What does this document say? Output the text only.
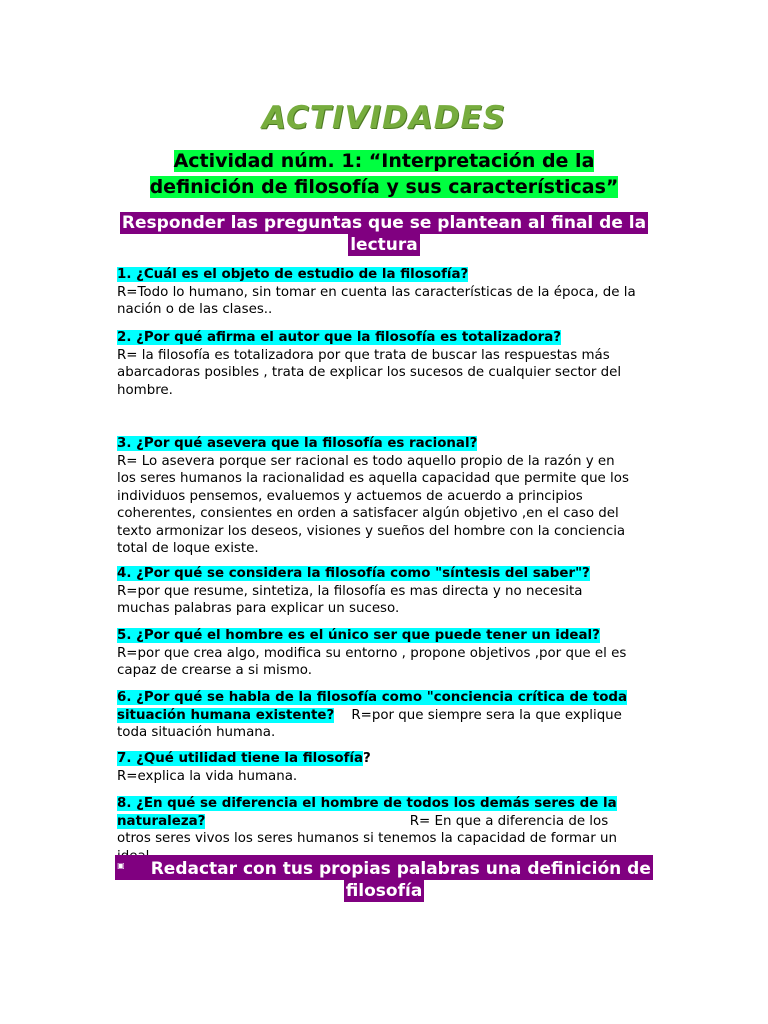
ACTIVIDADES
Actividad núm. 1: “Interpretación de la
definición de filosofía y sus características”
Responder las preguntas que se plantean al final de la
lectura
1. ¿Cuál es el objeto de estudio de la filosofía?
R=Todo lo humano, sin tomar en cuenta las características de la época, de la nación o de las clases..
2. ¿Por qué afirma el autor que la filosofía es totalizadora?
R= la filosofía es totalizadora por que trata de buscar las respuestas más abarcadoras posibles , trata de explicar los sucesos de cualquier sector del hombre.
3. ¿Por qué asevera que la filosofía es racional?
R= Lo asevera porque ser racional es todo aquello propio de la razón y en los seres humanos la racionalidad es aquella capacidad que permite que los individuos pensemos, evaluemos y actuemos de acuerdo a principios coherentes, consientes en orden a satisfacer algún objetivo ,en el caso del texto armonizar los deseos, visiones y sueños del hombre con la conciencia total de loque existe.
4. ¿Por qué se considera la filosofía como "síntesis del saber"?
R=por que resume, sintetiza, la filosofía es mas directa y no necesita muchas palabras para explicar un suceso.
5. ¿Por qué el hombre es el único ser que puede tener un ideal?
R=por que crea algo, modifica su entorno , propone objetivos ,por que el es capaz de crearse a si mismo.
6. ¿Por qué se habla de la filosofía como "conciencia crítica de toda situación humana existente? R=por que siempre sera la que explique toda situación humana.
7. ¿Qué utilidad tiene la filosofía?
R=explica la vida humana.
8. ¿En qué se diferencia el hombre de todos los demás seres de la naturaleza?	R= En que a diferencia de los otros seres vivos los seres humanos si tenemos la capacidad de formar un
▣ Redactar con tus propias palabras una definición de
filosofía
